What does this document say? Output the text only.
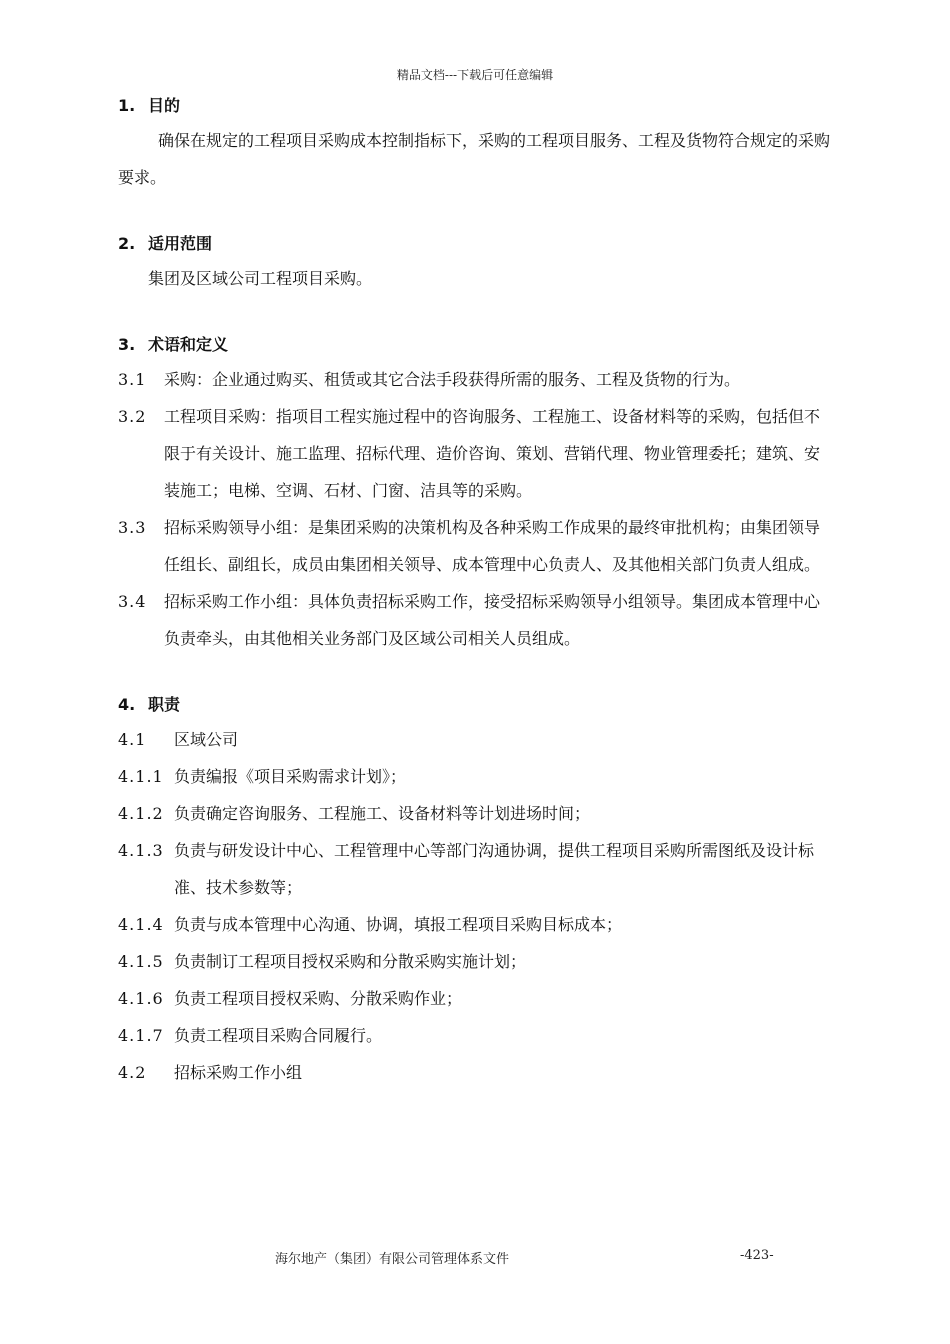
精品文档---下载后可任意编辑
1. 目的

确保在规定的工程项目采购成本控制指标下，采购的工程项目服务、工程及货物符合规定的采购要求。

2. 适用范围

集团及区域公司工程项目采购。

3. 术语和定义
3.1	采购：企业通过购买、租赁或其它合法手段获得所需的服务、工程及货物的行为。
3.2	工程项目采购：指项目工程实施过程中的咨询服务、工程施工、设备材料等的采购，包括但不限于有关设计、施工监理、招标代理、造价咨询、策划、营销代理、物业管理委托；建筑、安装施工；电梯、空调、石材、门窗、洁具等的采购。
3.3	招标采购领导小组：是集团采购的决策机构及各种采购工作成果的最终审批机构；由集团领导任组长、副组长，成员由集团相关领导、成本管理中心负责人、及其他相关部门负责人组成。
3.4	招标采购工作小组：具体负责招标采购工作，接受招标采购领导小组领导。集团成本管理中心负责牵头，由其他相关业务部门及区域公司相关人员组成。
4. 职责
4.1	区域公司
4.1.1 负责编报《项目采购需求计划》；
4.1.2 负责确定咨询服务、工程施工、设备材料等计划进场时间；
4.1.3 负责与研发设计中心、工程管理中心等部门沟通协调，提供工程项目采购所需图纸及设计标准、技术参数等；
4.1.4 负责与成本管理中心沟通、协调，填报工程项目采购目标成本；
4.1.5 负责制订工程项目授权采购和分散采购实施计划；
4.1.6 负责工程项目授权采购、分散采购作业；
4.1.7 负责工程项目采购合同履行。
4.2	招标采购工作小组
海尔地产（集团）有限公司管理体系文件	-423-
